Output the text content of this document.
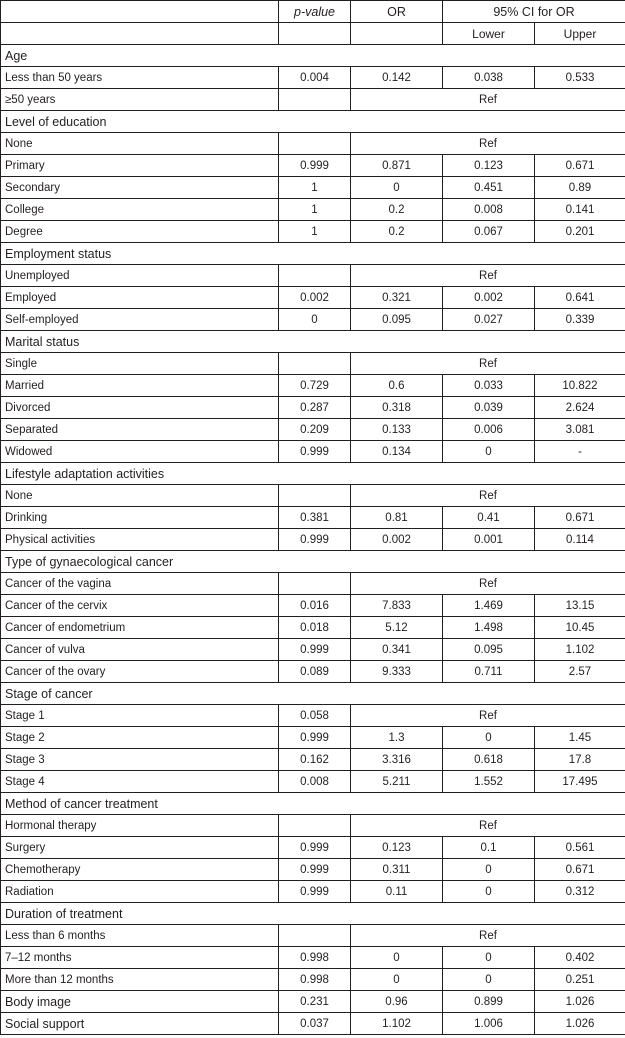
	p-value	OR	95% CI for OR	
			Lower	Upper
Age				
Less than 50 years	0.004	0.142	0.038	0.533
≥50 years		Ref		
Level of education				
None		Ref		
Primary	0.999	0.871	0.123	0.671
Secondary	1	0	0.451	0.89
College	1	0.2	0.008	0.141
Degree	1	0.2	0.067	0.201
Employment status				
Unemployed		Ref		
Employed	0.002	0.321	0.002	0.641
Self-employed	0	0.095	0.027	0.339
Marital status				
Single		Ref		
Married	0.729	0.6	0.033	10.822
Divorced	0.287	0.318	0.039	2.624
Separated	0.209	0.133	0.006	3.081
Widowed	0.999	0.134	0	-
Lifestyle adaptation activities				
None		Ref		
Drinking	0.381	0.81	0.41	0.671
Physical activities	0.999	0.002	0.001	0.114
Type of gynaecological cancer				
Cancer of the vagina		Ref		
Cancer of the cervix	0.016	7.833	1.469	13.15
Cancer of endometrium	0.018	5.12	1.498	10.45
Cancer of vulva	0.999	0.341	0.095	1.102
Cancer of the ovary	0.089	9.333	0.711	2.57
Stage of cancer				
Stage 1	0.058	Ref		
Stage 2	0.999	1.3	0	1.45
Stage 3	0.162	3.316	0.618	17.8
Stage 4	0.008	5.211	1.552	17.495
Method of cancer treatment				
Hormonal therapy		Ref		
Surgery	0.999	0.123	0.1	0.561
Chemotherapy	0.999	0.311	0	0.671
Radiation	0.999	0.11	0	0.312
Duration of treatment				
Less than 6 months		Ref		
7–12 months	0.998	0	0	0.402
More than 12 months	0.998	0	0	0.251
Body image	0.231	0.96	0.899	1.026
Social support	0.037	1.102	1.006	1.026
